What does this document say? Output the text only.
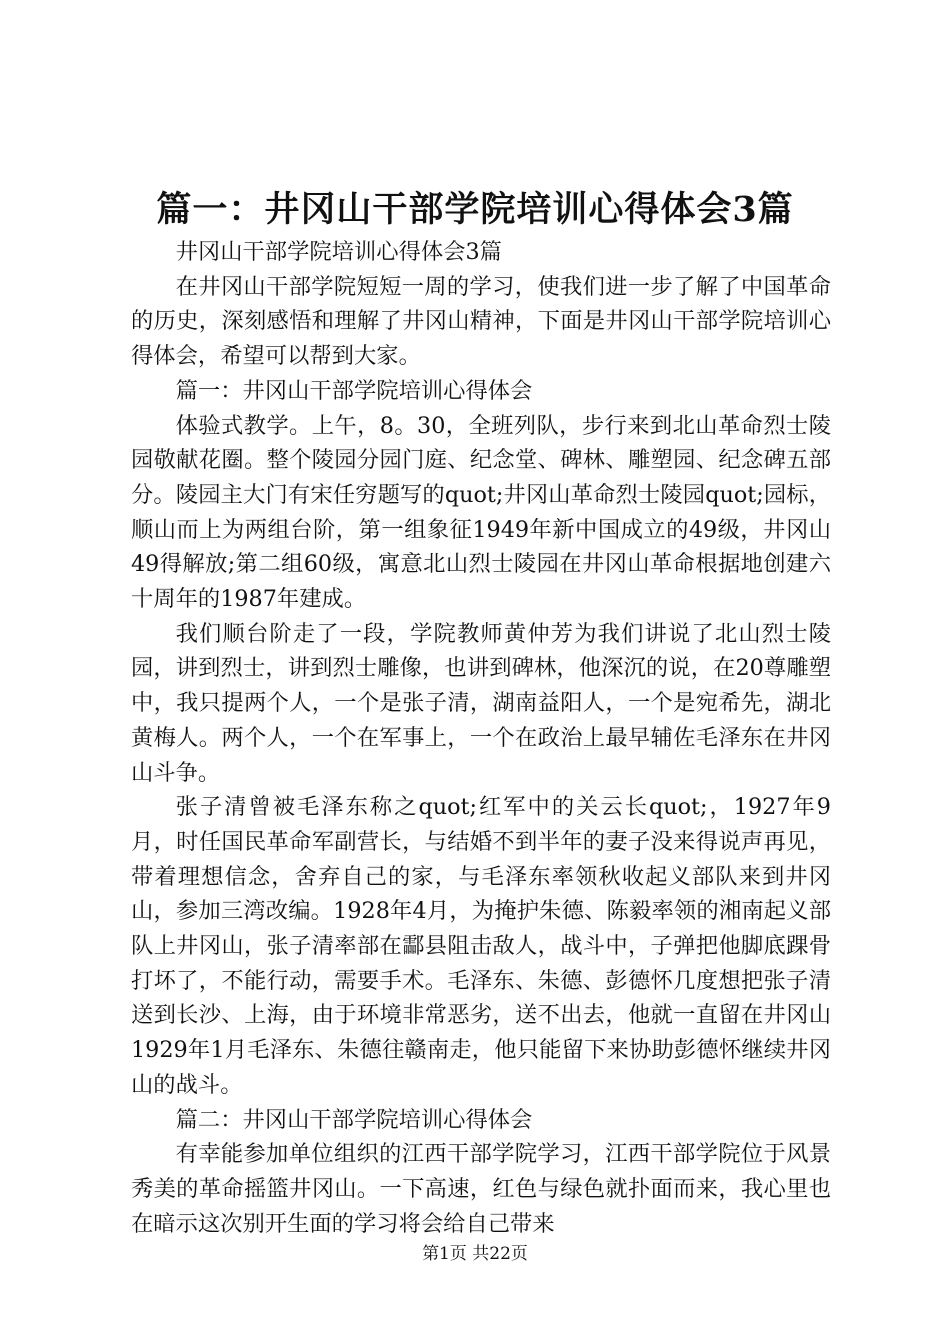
篇一：井冈山干部学院培训心得体会3篇

井冈山干部学院培训心得体会3篇

在井冈山干部学院短短一周的学习，使我们进一步了解了中国革命的历史，深刻感悟和理解了井冈山精神，下面是井冈山干部学院培训心得体会，希望可以帮到大家。

篇一：井冈山干部学院培训心得体会

体验式教学。上午，8。30，全班列队，步行来到北山革命烈士陵园敬献花圈。整个陵园分园门庭、纪念堂、碑林、雕塑园、纪念碑五部分。陵园主大门有宋任穷题写的quot;井冈山革命烈士陵园quot;园标，顺山而上为两组台阶，第一组象征1949年新中国成立的49级，井冈山49得解放;第二组60级，寓意北山烈士陵园在井冈山革命根据地创建六十周年的1987年建成。

我们顺台阶走了一段，学院教师黄仲芳为我们讲说了北山烈士陵园，讲到烈士，讲到烈士雕像，也讲到碑林，他深沉的说，在20尊雕塑中，我只提两个人，一个是张子清，湖南益阳人，一个是宛希先，湖北黄梅人。两个人，一个在军事上，一个在政治上最早辅佐毛泽东在井冈山斗争。

张子清曾被毛泽东称之quot;红军中的关云长quot;，1927年9月，时任国民革命军副营长，与结婚不到半年的妻子没来得说声再见，带着理想信念，舍弃自己的家，与毛泽东率领秋收起义部队来到井冈山，参加三湾改编。1928年4月，为掩护朱德、陈毅率领的湘南起义部队上井冈山，张子清率部在酃县阻击敌人，战斗中，子弹把他脚底踝骨打坏了，不能行动，需要手术。毛泽东、朱德、彭德怀几度想把张子清送到长沙、上海，由于环境非常恶劣，送不出去，他就一直留在井冈山1929年1月毛泽东、朱德往赣南走，他只能留下来协助彭德怀继续井冈山的战斗。

篇二：井冈山干部学院培训心得体会

有幸能参加单位组织的江西干部学院学习，江西干部学院位于风景秀美的革命摇篮井冈山。一下高速，红色与绿色就扑面而来，我心里也在暗示这次别开生面的学习将会给自己带来

第1页 共22页
